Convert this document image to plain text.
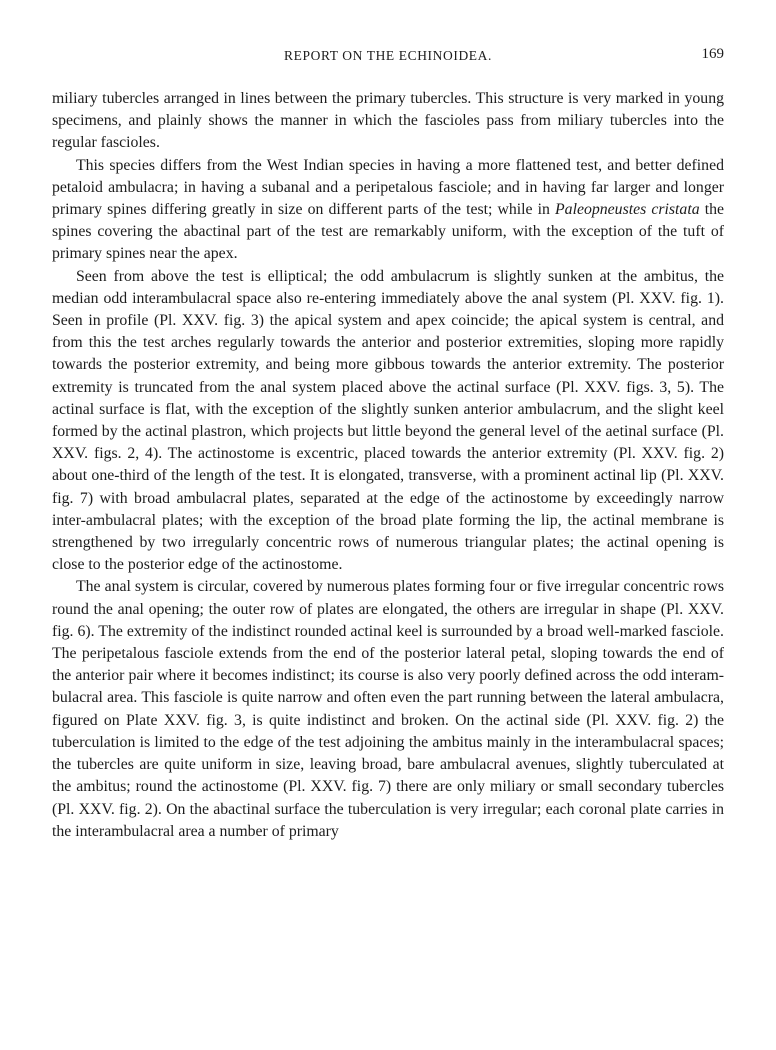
REPORT ON THE ECHINOIDEA.	169

miliary tubercles arranged in lines between the primary tubercles. This structure is very marked in young specimens, and plainly shows the manner in which the fascioles pass from miliary tubercles into the regular fascioles.

This species differs from the West Indian species in having a more flattened test, and better defined petaloid ambulacra; in having a subanal and a peripetalous fasciole; and in having far larger and longer primary spines differing greatly in size on different parts of the test; while in Paleopneustes cristata the spines covering the abactinal part of the test are remarkably uniform, with the exception of the tuft of primary spines near the apex.

Seen from above the test is elliptical; the odd ambulacrum is slightly sunken at the ambitus, the median odd interambulacral space also re-entering immediately above the anal system (Pl. XXV. fig. 1). Seen in profile (Pl. XXV. fig. 3) the apical system and apex coincide; the apical system is central, and from this the test arches regularly towards the anterior and posterior extremities, sloping more rapidly towards the posterior extremity, and being more gibbous towards the anterior extremity. The posterior extremity is truncated from the anal system placed above the actinal surface (Pl. XXV. figs. 3, 5). The actinal surface is flat, with the exception of the slightly sunken anterior ambulacrum, and the slight keel formed by the actinal plastron, which projects but little beyond the general level of the aetinal surface (Pl. XXV. figs. 2, 4). The actinostome is excentric, placed towards the anterior extremity (Pl. XXV. fig. 2) about one-third of the length of the test. It is elongated, transverse, with a prominent actinal lip (Pl. XXV. fig. 7) with broad ambulacral plates, separated at the edge of the actinostome by exceedingly narrow inter-ambulacral plates; with the exception of the broad plate forming the lip, the actinal membrane is strengthened by two irregularly concentric rows of numerous triangular plates; the actinal opening is close to the posterior edge of the actinostome.

The anal system is circular, covered by numerous plates forming four or five irregular concentric rows round the anal opening; the outer row of plates are elongated, the others are irregular in shape (Pl. XXV. fig. 6). The extremity of the indistinct rounded actinal keel is surrounded by a broad well-marked fasciole. The peripetalous fasciole extends from the end of the posterior lateral petal, sloping towards the end of the anterior pair where it becomes indistinct; its course is also very poorly defined across the odd interam-bulacral area. This fasciole is quite narrow and often even the part running between the lateral ambulacra, figured on Plate XXV. fig. 3, is quite indistinct and broken. On the actinal side (Pl. XXV. fig. 2) the tuberculation is limited to the edge of the test adjoining the ambitus mainly in the interambulacral spaces; the tubercles are quite uniform in size, leaving broad, bare ambulacral avenues, slightly tuberculated at the ambitus; round the actinostome (Pl. XXV. fig. 7) there are only miliary or small secondary tubercles (Pl. XXV. fig. 2). On the abactinal surface the tuberculation is very irregular; each coronal plate carries in the interambulacral area a number of primary
